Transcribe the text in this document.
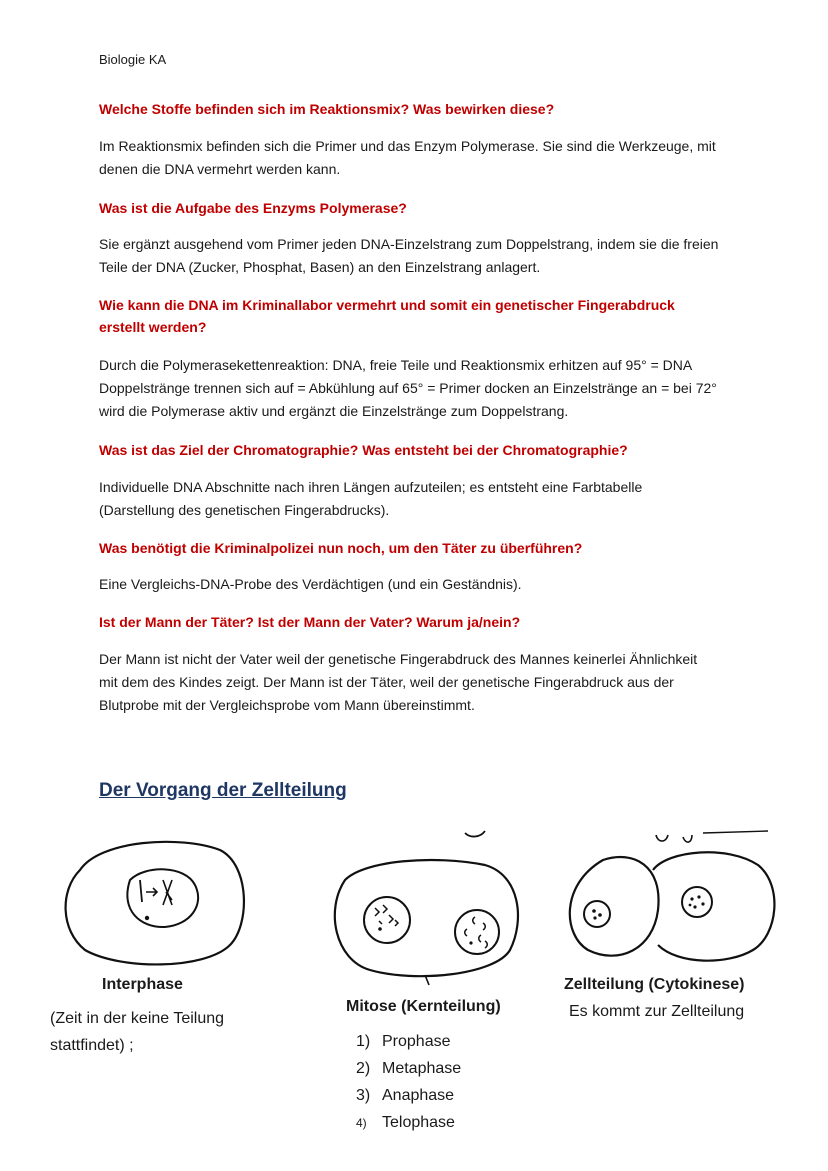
Biologie KA
Welche Stoffe befinden sich im Reaktionsmix? Was bewirken diese?
Im Reaktionsmix befinden sich die Primer und das Enzym Polymerase. Sie sind die Werkzeuge, mit denen die DNA vermehrt werden kann.
Was ist die Aufgabe des Enzyms Polymerase?
Sie ergänzt ausgehend vom Primer jeden DNA-Einzelstrang zum Doppelstrang, indem sie die freien Teile der DNA (Zucker, Phosphat, Basen) an den Einzelstrang anlagert.
Wie kann die DNA im Kriminallabor vermehrt und somit ein genetischer Fingerabdruck erstellt werden?
Durch die Polymerasekettenreaktion: DNA, freie Teile und Reaktionsmix erhitzen auf 95° = DNA Doppelstränge trennen sich auf = Abkühlung auf 65° = Primer docken an Einzelstränge an = bei 72° wird die Polymerase aktiv und ergänzt die Einzelstränge zum Doppelstrang.
Was ist das Ziel der Chromatographie? Was entsteht bei der Chromatographie?
Individuelle DNA Abschnitte nach ihren Längen aufzuteilen; es entsteht eine Farbtabelle (Darstellung des genetischen Fingerabdrucks).
Was benötigt die Kriminalpolizei nun noch, um den Täter zu überführen?
Eine Vergleichs-DNA-Probe des Verdächtigen (und ein Geständnis).
Ist der Mann der Täter? Ist der Mann der Vater? Warum ja/nein?
Der Mann ist nicht der Vater weil der genetische Fingerabdruck des Mannes keinerlei Ähnlichkeit mit dem des Kindes zeigt. Der Mann ist der Täter, weil der genetische Fingerabdruck aus der Blutprobe mit der Vergleichsprobe vom Mann übereinstimmt.
Der Vorgang der Zellteilung
Interphase
(Zeit in der keine Teilung
stattfindet) ;
Mitose (Kernteilung)
1) Prophase
2) Metaphase
3) Anaphase
4) Telophase
Zellteilung (Cytokinese)
Es kommt zur Zellteilung
